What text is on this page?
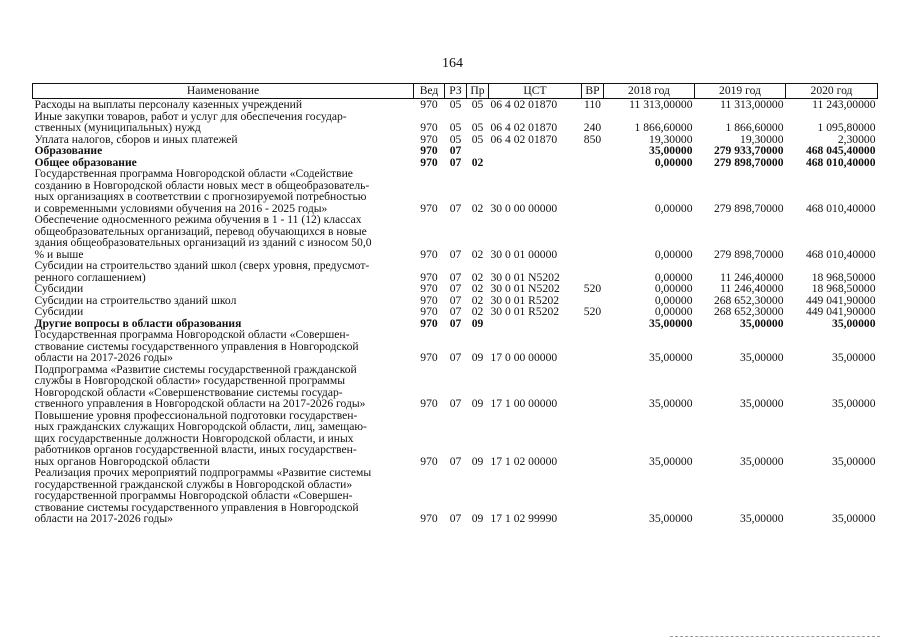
164
Наименование	Вед	РЗ	Пр	ЦСТ	ВР	2018 год	2019 год	2020 год

Расходы на выплаты персоналу казенных учреждений	970	05	05	06 4 02 01870	110	11 313,00000	11 313,00000	11 243,00000

Иные закупки товаров, работ и услуг для обеспечения государ-
ственных (муниципальных) нужд	970	05	05	06 4 02 01870	240	1 866,60000	1 866,60000	1 095,80000

Уплата налогов, сборов и иных платежей	970	05	05	06 4 02 01870	850	19,30000	19,30000	2,30000

Образование	970	07				35,00000	279 933,70000	468 045,40000

Общее образование	970	07	02			0,00000	279 898,70000	468 010,40000

Государственная программа Новгородской области «Содействие
созданию в Новгородской области новых мест в общеобразователь-
ных организациях в соответствии с прогнозируемой потребностью
и современными условиями обучения на 2016 - 2025 годы»	970	07	02	30 0 00 00000		0,00000	279 898,70000	468 010,40000

Обеспечение односменного режима обучения в 1 - 11 (12) классах
общеобразовательных организаций, перевод обучающихся в новые
здания общеобразовательных организаций из зданий с износом 50,0
% и выше	970	07	02	30 0 01 00000		0,00000	279 898,70000	468 010,40000

Субсидии на строительство зданий школ (сверх уровня, предусмот-
ренного соглашением)	970	07	02	30 0 01 N5202		0,00000	11 246,40000	18 968,50000

Субсидии	970	07	02	30 0 01 N5202	520	0,00000	11 246,40000	18 968,50000

Субсидии на строительство зданий школ	970	07	02	30 0 01 R5202		0,00000	268 652,30000	449 041,90000

Субсидии	970	07	02	30 0 01 R5202	520	0,00000	268 652,30000	449 041,90000

Другие вопросы в области образования	970	07	09			35,00000	35,00000	35,00000

Государственная программа Новгородской области «Совершен-
ствование системы государственного управления в Новгородской
области на 2017-2026 годы»	970	07	09	17 0 00 00000		35,00000	35,00000	35,00000

Подпрограмма «Развитие системы государственной гражданской
службы в Новгородской области» государственной программы
Новгородской области «Совершенствование системы государ-
ственного управления в Новгородской области на 2017-2026 годы»	970	07	09	17 1 00 00000		35,00000	35,00000	35,00000

Повышение уровня профессиональной подготовки государствен-
ных гражданских служащих Новгородской области, лиц, замещаю-
щих государственные должности Новгородской области, и иных
работников органов государственной власти, иных государствен-
ных органов Новгородской области	970	07	09	17 1 02 00000		35,00000	35,00000	35,00000

Реализация прочих мероприятий подпрограммы «Развитие системы
государственной гражданской службы в Новгородской области»
государственной программы Новгородской области «Совершен-
ствование системы государственного управления в Новгородской
области на 2017-2026 годы»	970	07	09	17 1 02 99990		35,00000	35,00000	35,00000
